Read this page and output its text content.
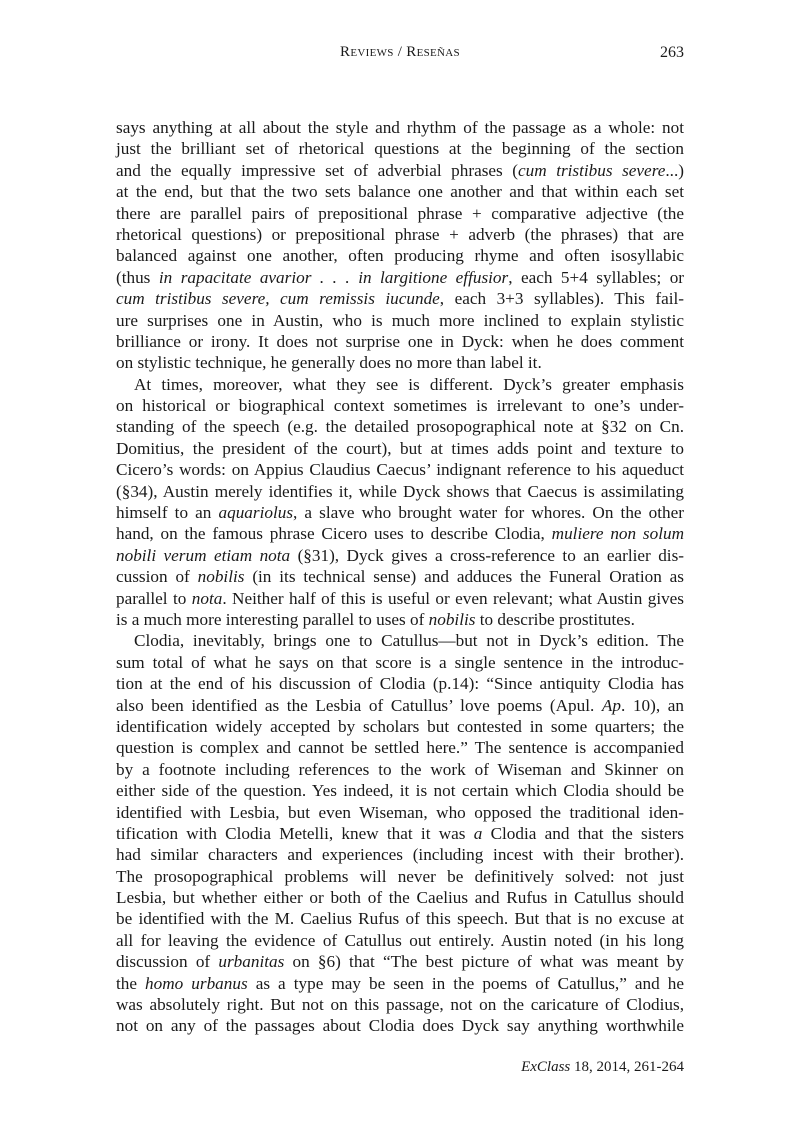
Reviews / Reseñas	263
says anything at all about the style and rhythm of the passage as a whole: not
just the brilliant set of rhetorical questions at the beginning of the section
and the equally impressive set of adverbial phrases (cum tristibus severe...)
at the end, but that the two sets balance one another and that within each set
there are parallel pairs of prepositional phrase + comparative adjective (the
rhetorical questions) or prepositional phrase + adverb (the phrases) that are
balanced against one another, often producing rhyme and often isosyllabic
(thus in rapacitate avarior . . . in largitione effusior, each 5+4 syllables; or
cum tristibus severe, cum remissis iucunde, each 3+3 syllables). This fail-
ure surprises one in Austin, who is much more inclined to explain stylistic
brilliance or irony. It does not surprise one in Dyck: when he does comment
on stylistic technique, he generally does no more than label it.
At times, moreover, what they see is different. Dyck’s greater emphasis
on historical or biographical context sometimes is irrelevant to one’s under-
standing of the speech (e.g. the detailed prosopographical note at §32 on Cn.
Domitius, the president of the court), but at times adds point and texture to
Cicero’s words: on Appius Claudius Caecus’ indignant reference to his aqueduct
(§34), Austin merely identifies it, while Dyck shows that Caecus is assimilating
himself to an aquariolus, a slave who brought water for whores. On the other
hand, on the famous phrase Cicero uses to describe Clodia, muliere non solum
nobili verum etiam nota (§31), Dyck gives a cross-reference to an earlier dis-
cussion of nobilis (in its technical sense) and adduces the Funeral Oration as
parallel to nota. Neither half of this is useful or even relevant; what Austin gives
is a much more interesting parallel to uses of nobilis to describe prostitutes.
Clodia, inevitably, brings one to Catullus—but not in Dyck’s edition. The
sum total of what he says on that score is a single sentence in the introduc-
tion at the end of his discussion of Clodia (p.14): “Since antiquity Clodia has
also been identified as the Lesbia of Catullus’ love poems (Apul. Ap. 10), an
identification widely accepted by scholars but contested in some quarters; the
question is complex and cannot be settled here.” The sentence is accompanied
by a footnote including references to the work of Wiseman and Skinner on
either side of the question. Yes indeed, it is not certain which Clodia should be
identified with Lesbia, but even Wiseman, who opposed the traditional iden-
tification with Clodia Metelli, knew that it was a Clodia and that the sisters
had similar characters and experiences (including incest with their brother).
The prosopographical problems will never be definitively solved: not just
Lesbia, but whether either or both of the Caelius and Rufus in Catullus should
be identified with the M. Caelius Rufus of this speech. But that is no excuse at
all for leaving the evidence of Catullus out entirely. Austin noted (in his long
discussion of urbanitas on §6) that “The best picture of what was meant by
the homo urbanus as a type may be seen in the poems of Catullus,” and he
was absolutely right. But not on this passage, not on the caricature of Clodius,
not on any of the passages about Clodia does Dyck say anything worthwhile
ExClass 18, 2014, 261-264
